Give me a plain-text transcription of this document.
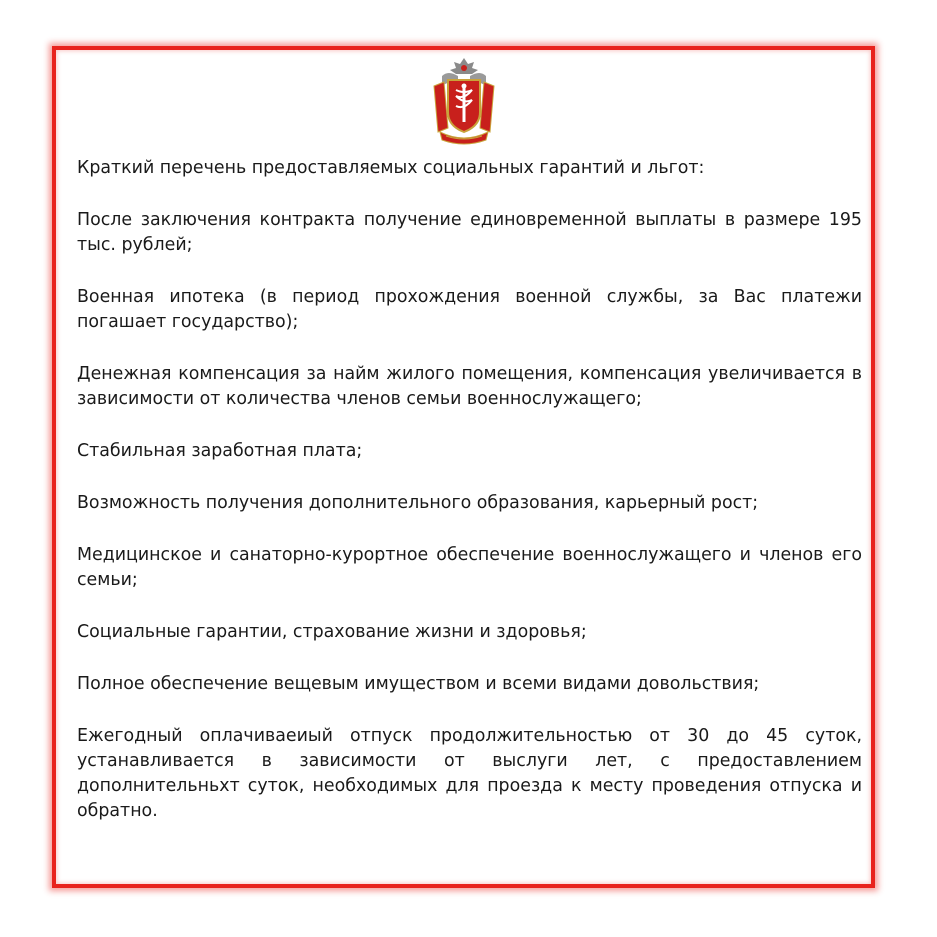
Краткий перечень предоставляемых социальных гарантий и льгот:

После заключения контракта получение единовременной выплаты в размере 195 тыс. рублей;

Военная ипотека (в период прохождения военной службы, за Вас платежи погашает государство);

Денежная компенсация за найм жилого помещения, компенсация увеличивается в зависимости от количества членов семьи военнослужащего;

Стабильная заработная плата;

Возможность получения дополнительного образования, карьерный рост;

Медицинское и санаторно-курортное обеспечение военнослужащего и членов его семьи;

Социальные гарантии, страхование жизни и здоровья;

Полное обеспечение вещевым имуществом и всеми видами довольствия;

Ежегодный оплачиваеиый отпуск продолжительностью от 30 до 45 суток, устанавливается в зависимости от выслуги лет, с предоставлением дополнительньхт суток, необходимых для проезда к месту проведения отпуска и обратно.
